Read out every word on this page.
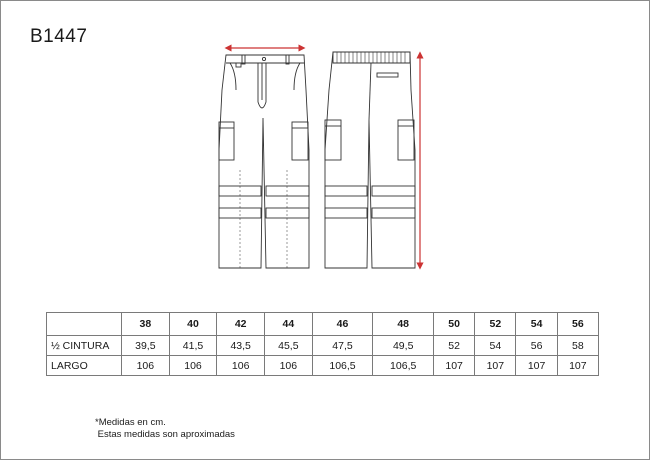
B1447
	38	40	42	44	46	48	50	52	54	56
½ CINTURA	39,5	41,5	43,5	45,5	47,5	49,5	52	54	56	58
LARGO	106	106	106	106	106,5	106,5	107	107	107	107
*Medidas en cm.
Estas medidas son aproximadas
